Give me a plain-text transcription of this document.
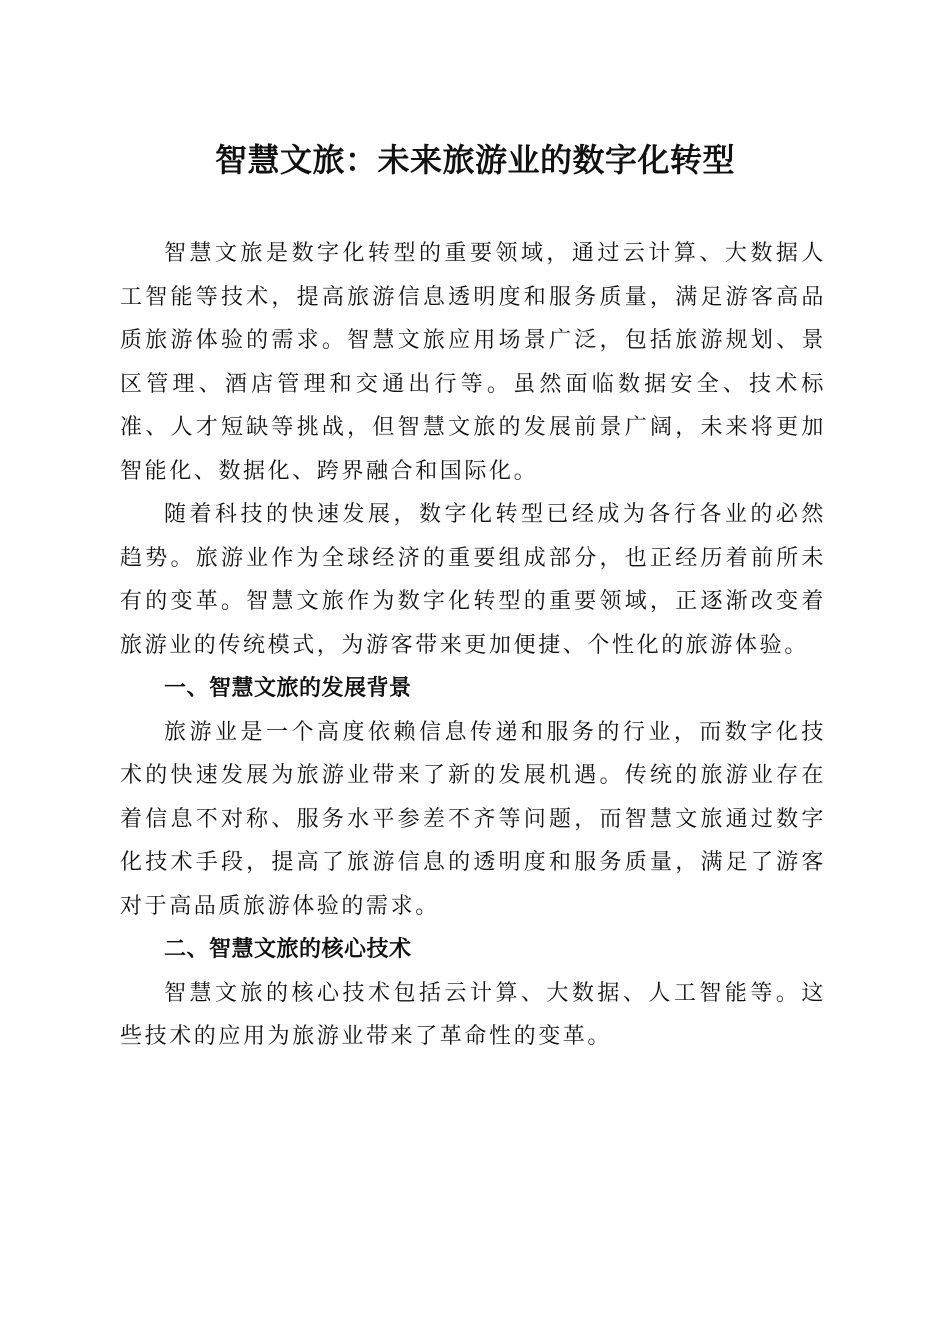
智慧文旅：未来旅游业的数字化转型

智慧文旅是数字化转型的重要领域，通过云计算、大数据人工智能等技术，提高旅游信息透明度和服务质量，满足游客高品质旅游体验的需求。智慧文旅应用场景广泛，包括旅游规划、景区管理、酒店管理和交通出行等。虽然面临数据安全、技术标准、人才短缺等挑战，但智慧文旅的发展前景广阔，未来将更加智能化、数据化、跨界融合和国际化。

随着科技的快速发展，数字化转型已经成为各行各业的必然趋势。旅游业作为全球经济的重要组成部分，也正经历着前所未有的变革。智慧文旅作为数字化转型的重要领域，正逐渐改变着旅游业的传统模式，为游客带来更加便捷、个性化的旅游体验。

一、智慧文旅的发展背景

旅游业是一个高度依赖信息传递和服务的行业，而数字化技术的快速发展为旅游业带来了新的发展机遇。传统的旅游业存在着信息不对称、服务水平参差不齐等问题，而智慧文旅通过数字化技术手段，提高了旅游信息的透明度和服务质量，满足了游客对于高品质旅游体验的需求。

二、智慧文旅的核心技术

智慧文旅的核心技术包括云计算、大数据、人工智能等。这些技术的应用为旅游业带来了革命性的变革。
